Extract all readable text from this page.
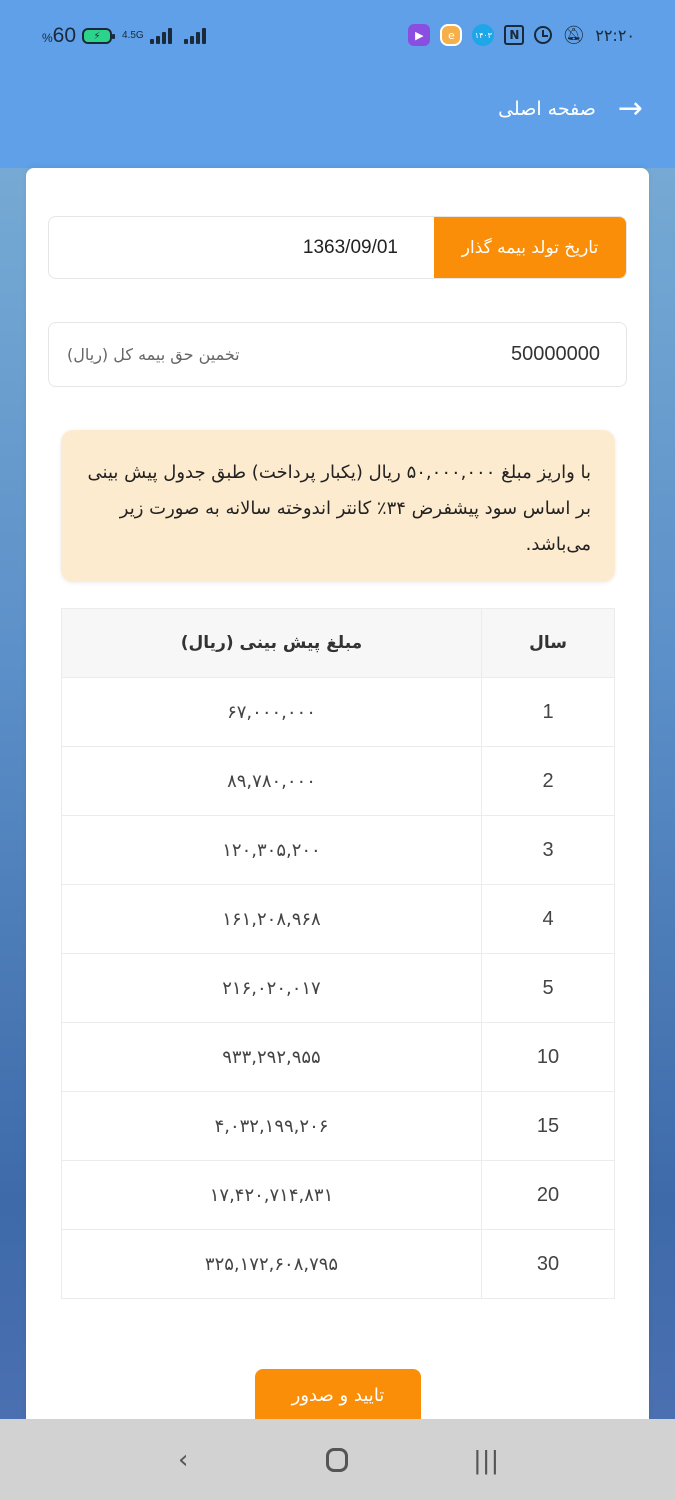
%60	⚡	4.5G	▶	e	۱۴۰۳	N 🔕︎ ۲۲:۲۰
→
صفحه اصلی
تاریخ تولد بیمه گذار
1363/09/01
تخمین حق بیمه کل (ریال)	50000000
با واریز مبلغ ۵۰,۰۰۰,۰۰۰ ریال (یکبار پرداخت) طبق جدول پیش بینی بر اساس سود پیشفرض ۳۴٪ کانتر اندوخته سالانه به صورت زیر می‌باشد.
سال	مبلغ پیش بینی (ریال)
1	۶۷,۰۰۰,۰۰۰
2	۸۹,۷۸۰,۰۰۰
3	۱۲۰,۳۰۵,۲۰۰
4	۱۶۱,۲۰۸,۹۶۸
5	۲۱۶,۰۲۰,۰۱۷
10	۹۳۳,۲۹۲,۹۵۵
15	۴,۰۳۲,۱۹۹,۲۰۶
20	۱۷,۴۲۰,۷۱۴,۸۳۱
30	۳۲۵,۱۷۲,۶۰۸,۷۹۵
تایید و صدور
‹	|||
